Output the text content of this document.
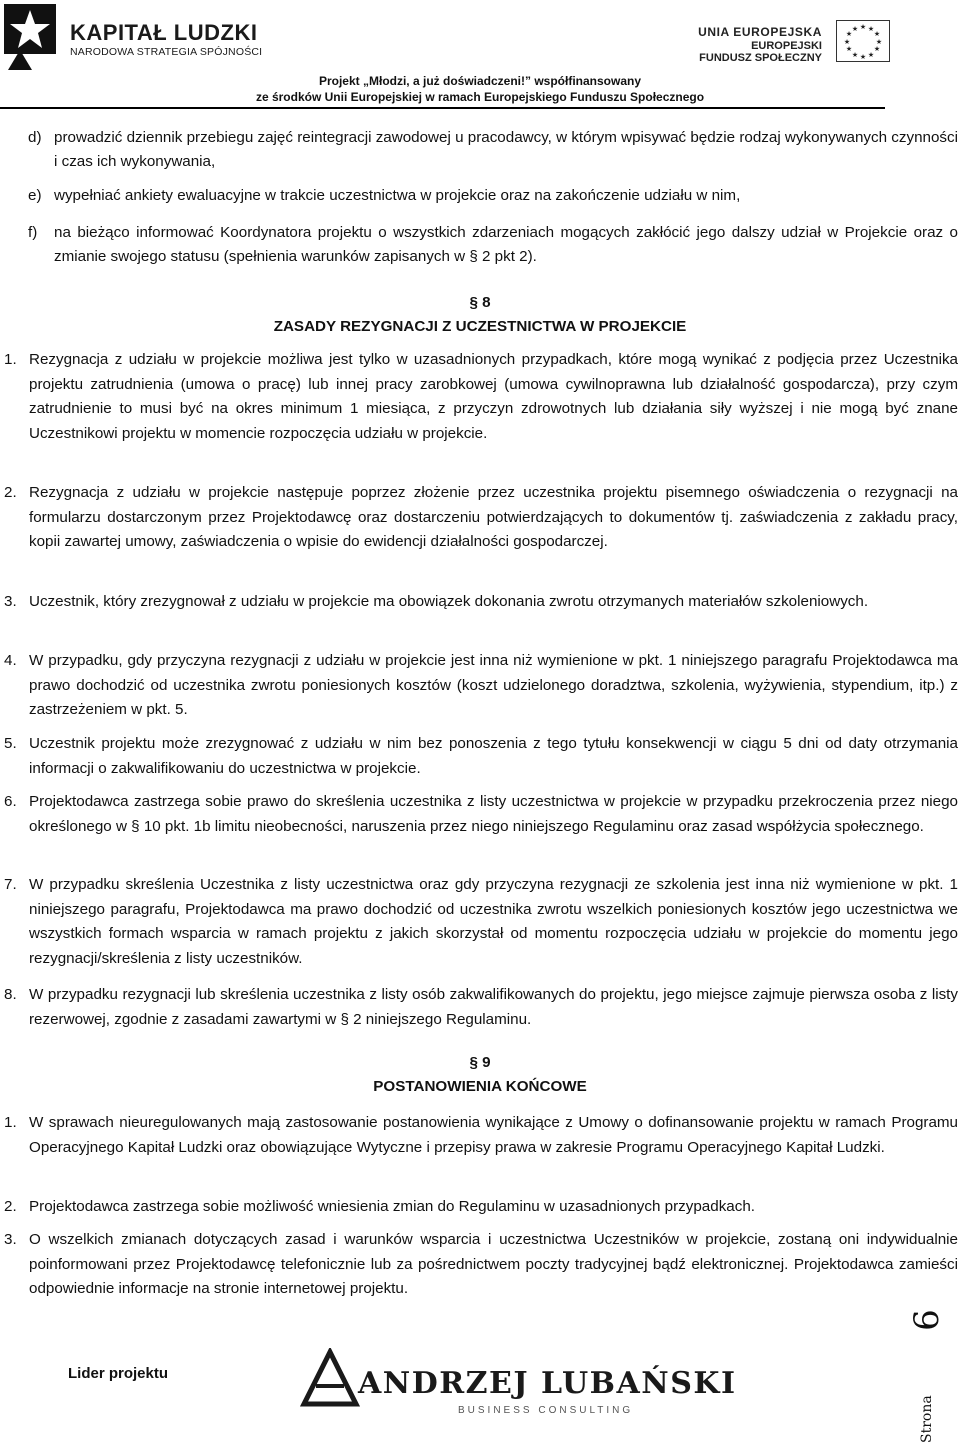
KAPITAŁ LUDZKI
NARODOWA STRATEGIA SPÓJNOŚCI
UNIA EUROPEJSKA
EUROPEJSKI
FUNDUSZ SPOŁECZNY
★ ★
★
★
★
★
★
★
★
★
★
★
Projekt „Młodzi, a już doświadczeni!” współfinansowany
ze środków Unii Europejskiej w ramach Europejskiego Funduszu Społecznego
d) prowadzić dziennik przebiegu zajęć reintegracji zawodowej u pracodawcy, w którym wpisywać będzie rodzaj wykonywanych czynności i czas ich wykonywania,
e) wypełniać ankiety ewaluacyjne w trakcie uczestnictwa w projekcie oraz na zakończenie udziału w nim,
f) na bieżąco informować Koordynatora projektu o wszystkich zdarzeniach mogących zakłócić jego dalszy udział w Projekcie oraz o zmianie swojego statusu (spełnienia warunków zapisanych w § 2 pkt 2).
§ 8
ZASADY REZYGNACJI Z UCZESTNICTWA W PROJEKCIE
1. Rezygnacja z udziału w projekcie możliwa jest tylko w uzasadnionych przypadkach, które mogą wynikać z podjęcia przez Uczestnika projektu zatrudnienia (umowa o pracę) lub innej pracy zarobkowej (umowa cywilnoprawna lub działalność gospodarcza), przy czym zatrudnienie to musi być na okres minimum 1 miesiąca, z przyczyn zdrowotnych lub działania siły wyższej i nie mogą być znane Uczestnikowi projektu w momencie rozpoczęcia udziału w projekcie.
2. Rezygnacja z udziału w projekcie następuje poprzez złożenie przez uczestnika projektu pisemnego oświadczenia o rezygnacji na formularzu dostarczonym przez Projektodawcę oraz dostarczeniu potwierdzających to dokumentów tj. zaświadczenia z zakładu pracy, kopii zawartej umowy, zaświadczenia o wpisie do ewidencji działalności gospodarczej.
3. Uczestnik, który zrezygnował z udziału w projekcie ma obowiązek dokonania zwrotu otrzymanych materiałów szkoleniowych.
4. W przypadku, gdy przyczyna rezygnacji z udziału w projekcie jest inna niż wymienione w pkt. 1 niniejszego paragrafu Projektodawca ma prawo dochodzić od uczestnika zwrotu poniesionych kosztów (koszt udzielonego doradztwa, szkolenia, wyżywienia, stypendium, itp.) z zastrzeżeniem w pkt. 5.
5. Uczestnik projektu może zrezygnować z udziału w nim bez ponoszenia z tego tytułu konsekwencji w ciągu 5 dni od daty otrzymania informacji o zakwalifikowaniu do uczestnictwa w projekcie.
6. Projektodawca zastrzega sobie prawo do skreślenia uczestnika z listy uczestnictwa w projekcie w przypadku przekroczenia przez niego określonego w § 10 pkt. 1b limitu nieobecności, naruszenia przez niego niniejszego Regulaminu oraz zasad współżycia społecznego.
7. W przypadku skreślenia Uczestnika z listy uczestnictwa oraz gdy przyczyna rezygnacji ze szkolenia jest inna niż wymienione w pkt. 1 niniejszego paragrafu, Projektodawca ma prawo dochodzić od uczestnika zwrotu wszelkich poniesionych kosztów jego uczestnictwa we wszystkich formach wsparcia w ramach projektu z jakich skorzystał od momentu rozpoczęcia udziału w projekcie do momentu jego rezygnacji/skreślenia z listy uczestników.
8. W przypadku rezygnacji lub skreślenia uczestnika z listy osób zakwalifikowanych do projektu, jego miejsce zajmuje pierwsza osoba z listy rezerwowej, zgodnie z zasadami zawartymi w § 2 niniejszego Regulaminu.
§ 9
POSTANOWIENIA KOŃCOWE
1. W sprawach nieuregulowanych mają zastosowanie postanowienia wynikające z Umowy o dofinansowanie projektu w ramach Programu Operacyjnego Kapitał Ludzki oraz obowiązujące Wytyczne i przepisy prawa w zakresie Programu Operacyjnego Kapitał Ludzki.
2. Projektodawca zastrzega sobie możliwość wniesienia zmian do Regulaminu w uzasadnionych przypadkach.
3. O wszelkich zmianach dotyczących zasad i warunków wsparcia i uczestnictwa Uczestników w projekcie, zostaną oni indywidualnie poinformowani przez Projektodawcę telefonicznie lub za pośrednictwem poczty tradycyjnej bądź elektronicznej. Projektodawca zamieści odpowiednie informacje na stronie internetowej projektu.
Lider projektu	ANDRZEJ LUBAŃSKI
BUSINESS CONSULTING	Strona
6
